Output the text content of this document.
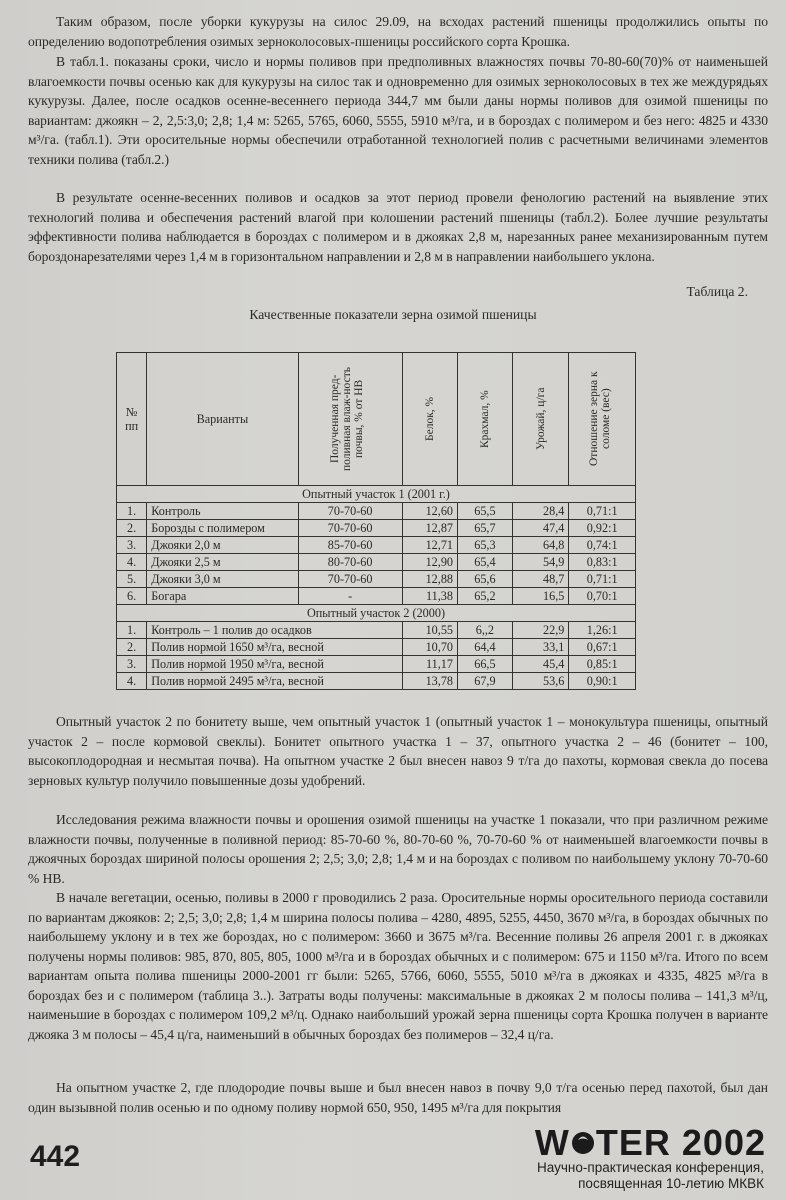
Таким образом, после уборки кукурузы на силос 29.09, на всходах растений пшеницы продолжились опыты по определению водопотребления озимых зерноколосовых-пшеницы российского сорта Крошка.

В табл.1. показаны сроки, число и нормы поливов при предполивных влажностях почвы 70-80-60(70)% от наименьшей влагоемкости почвы осенью как для кукурузы на силос так и одновременно для озимых зерноколосовых в тех же междурядьях кукурузы. Далее, после осадков осенне-весеннего периода 344,7 мм были даны нормы поливов для озимой пшеницы по вариантам: джоякн – 2, 2,5:3,0; 2,8; 1,4 м: 5265, 5765, 6060, 5555, 5910 м³/га, и в бороздах с полимером и без него: 4825 и 4330 м³/га. (табл.1). Эти оросительные нормы обеспечили отработанной технологией полив с расчетными величинами элементов техники полива (табл.2.)

В результате осенне-весенних поливов и осадков за этот период провели фенологию растений на выявление этих технологий полива и обеспечения растений влагой при колошении растений пшеницы (табл.2). Более лучшие результаты эффективности полива наблюдается в бороздах с полимером и в джояках 2,8 м, нарезанных ранее механизированным путем бороздонарезателями через 1,4 м в горизонтальном направлении и 2,8 м в направлении наибольшего уклона.

Таблица 2.
Качественные показатели зерна озимой пшеницы
№ пп	Варианты	Полученная пред-поливная влаж-ность почвы, % от НВ	Белок, %	Крахмал, %	Урожай, ц/га	Отношение зерна к соломе (вес)

Опытный участок 1 (2001 г.)						
1.	Контроль	70-70-60	12,60	65,5	28,4	0,71:1
2.	Борозды с полимером	70-70-60	12,87	65,7	47,4	0,92:1
3.	Джояки 2,0 м	85-70-60	12,71	65,3	64,8	0,74:1
4.	Джояки 2,5 м	80-70-60	12,90	65,4	54,9	0,83:1
5.	Джояки 3,0 м	70-70-60	12,88	65,6	48,7	0,71:1
6.	Богара	-	11,38	65,2	16,5	0,70:1
Опытный участок 2 (2000)						
1.	Контроль – 1 полив до осадков		10,55	6,,2	22,9	1,26:1
2.	Полив нормой 1650 м³/га, весной		10,70	64,4	33,1	0,67:1
3.	Полив нормой 1950 м³/га, весной		11,17	66,5	45,4	0,85:1
4.	Полив нормой 2495 м³/га, весной		13,78	67,9	53,6	0,90:1

Опытный участок 2 по бонитету выше, чем опытный участок 1 (опытный участок 1 – монокультура пшеницы, опытный участок 2 – после кормовой свеклы). Бонитет опытного участка 1 – 37, опытного участка 2 – 46 (бонитет – 100, высокоплодородная и несмытая почва). На опытном участке 2 был внесен навоз 9 т/га до пахоты, кормовая свекла до посева зерновых культур получило повышенные дозы удобрений.

Исследования режима влажности почвы и орошения озимой пшеницы на участке 1 показали, что при различном режиме влажности почвы, полученные в поливной период: 85-70-60 %, 80-70-60 %, 70-70-60 % от наименьшей влагоемкости почвы в джоячных бороздах шириной полосы орошения 2; 2,5; 3,0; 2,8; 1,4 м и на бороздах с поливом по наибольшему уклону 70-70-60 % НВ.

В начале вегетации, осенью, поливы в 2000 г проводились 2 раза. Оросительные нормы оросительного периода составили по вариантам джояков: 2; 2,5; 3,0; 2,8; 1,4 м ширина полосы полива – 4280, 4895, 5255, 4450, 3670 м³/га, в бороздах обычных по наибольшему уклону и в тех же бороздах, но с полимером: 3660 и 3675 м³/га. Весенние поливы 26 апреля 2001 г. в джояках получены нормы поливов: 985, 870, 805, 805, 1000 м³/га и в бороздах обычных и с полимером: 675 и 1150 м³/га. Итого по всем вариантам опыта полива пшеницы 2000-2001 гг были: 5265, 5766, 6060, 5555, 5010 м³/га в джояках и 4335, 4825 м³/га в бороздах без и с полимером (таблица 3..). Затраты воды получены: максимальные в джояках 2 м полосы полива – 141,3 м³/ц, наименьшие в бороздах с полимером 109,2 м³/ц. Однако наибольший урожай зерна пшеницы сорта Крошка получен в варианте джояка 3 м полосы – 45,4 ц/га, наименьший в обычных бороздах без полимеров – 32,4 ц/га.

На опытном участке 2, где плодородие почвы выше и был внесен навоз в почву 9,0 т/га осенью перед пахотой, был дан один вызывной полив осенью и по одному поливу нормой 650, 950, 1495 м³/га для покрытия

442	W TER 2002
Научно-практическая конференция,
посвященная 10-летию МКВК
